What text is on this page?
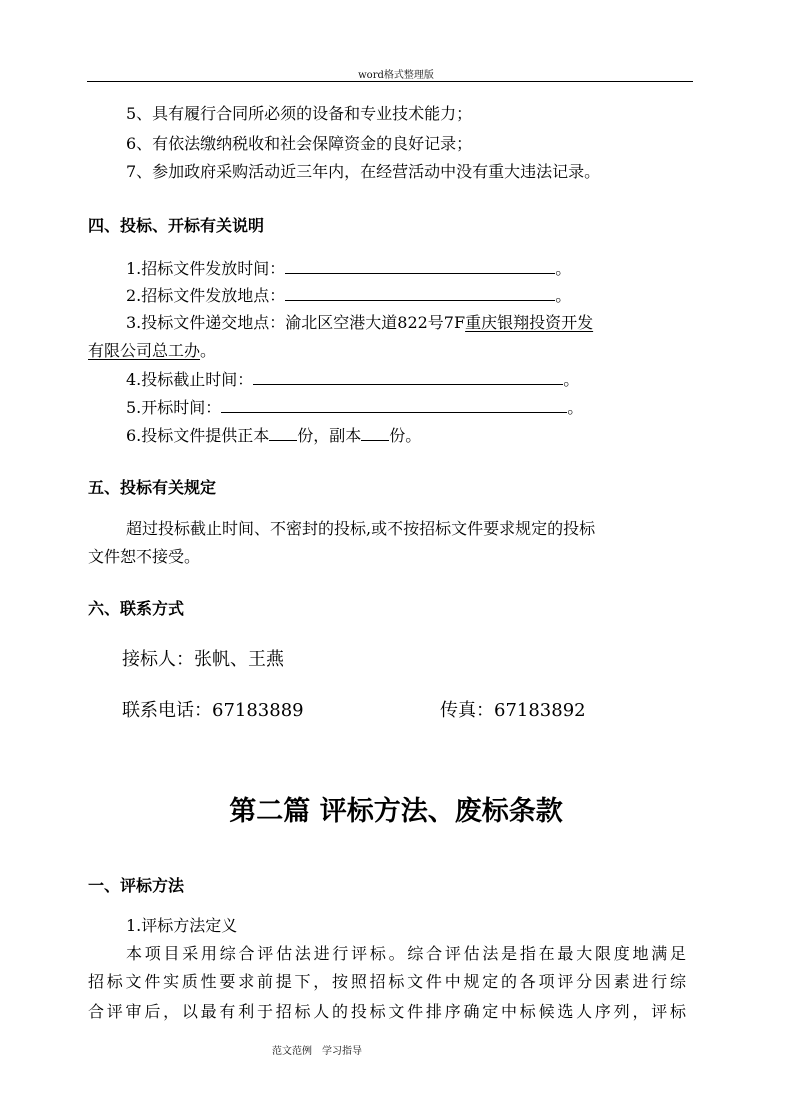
word格式整理版
5、具有履行合同所必须的设备和专业技术能力；
6、有依法缴纳税收和社会保障资金的良好记录；
7、参加政府采购活动近三年内，在经营活动中没有重大违法记录。
四、投标、开标有关说明
1.招标文件发放时间：	。
2.招标文件发放地点：	。
3.投标文件递交地点：渝北区空港大道822号7F重庆银翔投资开发
有限公司总工办。
4.投标截止时间：	。
5.开标时间：	。
6.投标文件提供正本 份，副本 份。
五、投标有关规定
超过投标截止时间、不密封的投标,或不按招标文件要求规定的投标
文件恕不接受。
六、联系方式
接标人：张帆、王燕
联系电话：67183889	传真：67183892
第二篇 评标方法、废标条款
一、评标方法
1.评标方法定义
本项目采用综合评估法进行评标。综合评估法是指在最大限度地满足
招标文件实质性要求前提下，按照招标文件中规定的各项评分因素进行综
合评审后，以最有利于招标人的投标文件排序确定中标候选人序列，评标
范文范例　学习指导
